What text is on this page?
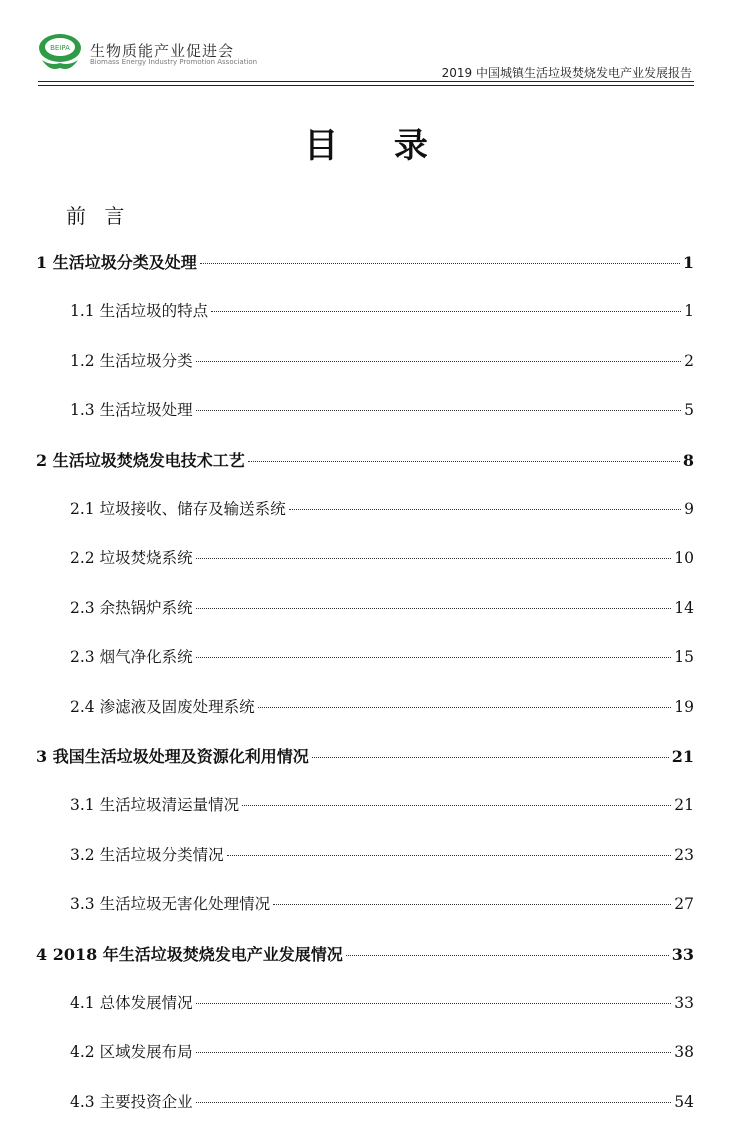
BEIPA 生物质能产业促进会
Biomass Energy Industry Promotion Association
2019 中国城镇生活垃圾焚烧发电产业发展报告
目 录
前 言
1 生活垃圾分类及处理	1
1.1 生活垃圾的特点	1
1.2 生活垃圾分类	2
1.3 生活垃圾处理	5
2 生活垃圾焚烧发电技术工艺	8
2.1 垃圾接收、储存及输送系统	9
2.2 垃圾焚烧系统	10
2.3 余热锅炉系统	14
2.3 烟气净化系统	15
2.4 渗滤液及固废处理系统	19
3 我国生活垃圾处理及资源化利用情况	21
3.1 生活垃圾清运量情况	21
3.2 生活垃圾分类情况	23
3.3 生活垃圾无害化处理情况	27
4 2018 年生活垃圾焚烧发电产业发展情况	33
4.1 总体发展情况	33
4.2 区域发展布局	38
4.3 主要投资企业	54
